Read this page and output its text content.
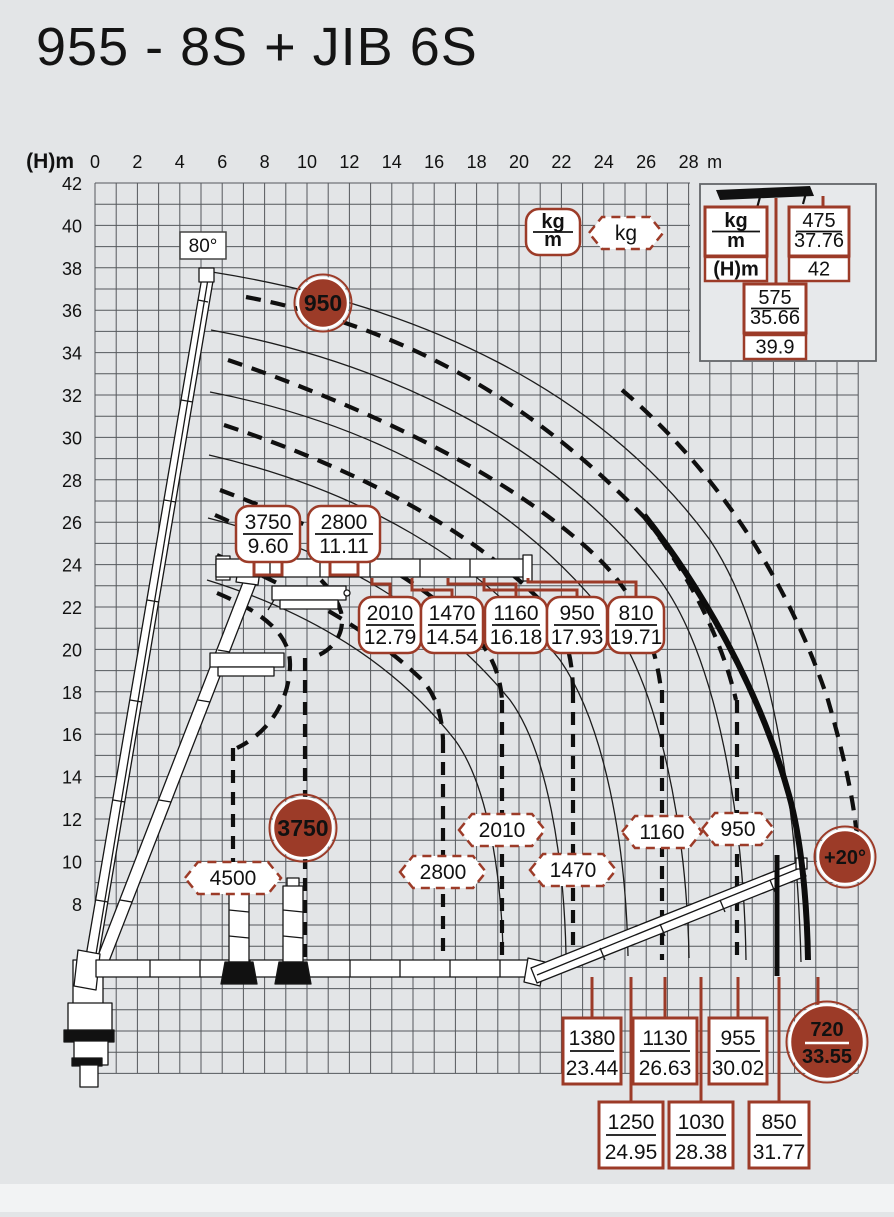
955 - 8S + JIB 6S
(H)m 0 2 4 6 8 10 12 14 16 18 20 22 24 26 28 m
42
40
38
36
34
32
30
28
26
24
22
20
18
16
14
12
10
8
3750
9.60
2800
11.11
2010
12.79
1470
14.54
1160
16.18
950
17.93
810
19.71
1380
23.44
1250
24.95
1130
26.63
1030
28.38
955
30.02
850
31.77
720
33.55
4500	2800
2010
1470
1160 950
950
3750
+20°
80°
kg
m	kg
kg
m
(H)m
475
37.76
42
575
35.66
39.9
